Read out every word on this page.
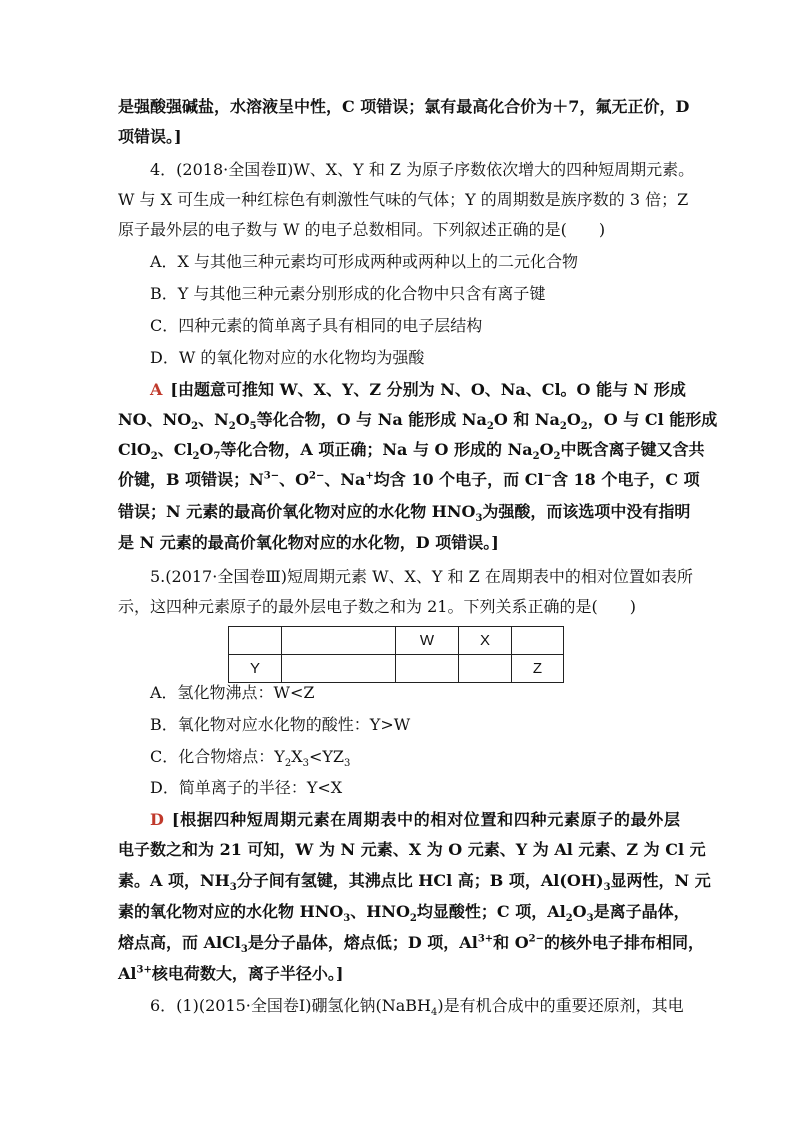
是强酸强碱盐，水溶液呈中性，C 项错误；氯有最高化合价为＋7，氟无正价，D
项错误。]
4．(2018·全国卷Ⅱ)W、X、Y 和 Z 为原子序数依次增大的四种短周期元素。
W 与 X 可生成一种红棕色有刺激性气味的气体；Y 的周期数是族序数的 3 倍；Z
原子最外层的电子数与 W 的电子总数相同。下列叙述正确的是(　　)
A．X 与其他三种元素均可形成两种或两种以上的二元化合物
B．Y 与其他三种元素分别形成的化合物中只含有离子键
C．四种元素的简单离子具有相同的电子层结构
D．W 的氧化物对应的水化物均为强酸
A [由题意可推知 W、X、Y、Z 分别为 N、O、Na、Cl。O 能与 N 形成
NO、$NO_2$、$N_2O_5$等化合物，O 与 Na 能形成 $Na_2O$ 和 $Na_2O_2$，O 与 Cl 能形成
ClO$_2$、$Cl_2O_7$等化合物，A 项正确；Na 与 O 形成的 $Na_2O_2$中既含离子键又含共
价键，B 项错误；$N^{3-}$、$O^{2-}$、Na+均含 10 个电子，而 Cl−含 18 个电子，C 项
错误；N 元素的最高价氧化物对应的水化物 $HNO_3$为强酸，而该选项中没有指明
是 N 元素的最高价氧化物对应的水化物，D 项错误。]
5.(2017·全国卷Ⅲ)短周期元素 W、X、Y 和 Z 在周期表中的相对位置如表所
示，这四种元素原子的最外层电子数之和为 21。下列关系正确的是(　　)
		W	X	
Y				Z
A．氢化物沸点：W<Z
B．氧化物对应水化物的酸性：Y>W
C．化合物熔点：$Y_2X_3<YZ_3$
D．简单离子的半径：Y<X
D [根据四种短周期元素在周期表中的相对位置和四种元素原子的最外层
电子数之和为 21 可知，W 为 N 元素、X 为 O 元素、Y 为 Al 元素、Z 为 Cl 元
素。A 项，$NH_3$分子间有氢键，其沸点比 HCl 高；B 项，$Al(OH)_3$显两性，N 元
素的氧化物对应的水化物 $HNO_3$、$HNO_2$均显酸性；C 项，$Al_2O_3$是离子晶体，
熔点高，而 AlCl$_3$是分子晶体，熔点低；D 项，$Al^{3+}$和 $O^{2-}$的核外电子排布相同，
$Al^{3+}$核电荷数大，离子半径小。]
6．(1)(2015·全国卷Ⅰ)硼氢化钠(NaBH$_4$)是有机合成中的重要还原剂，其电
